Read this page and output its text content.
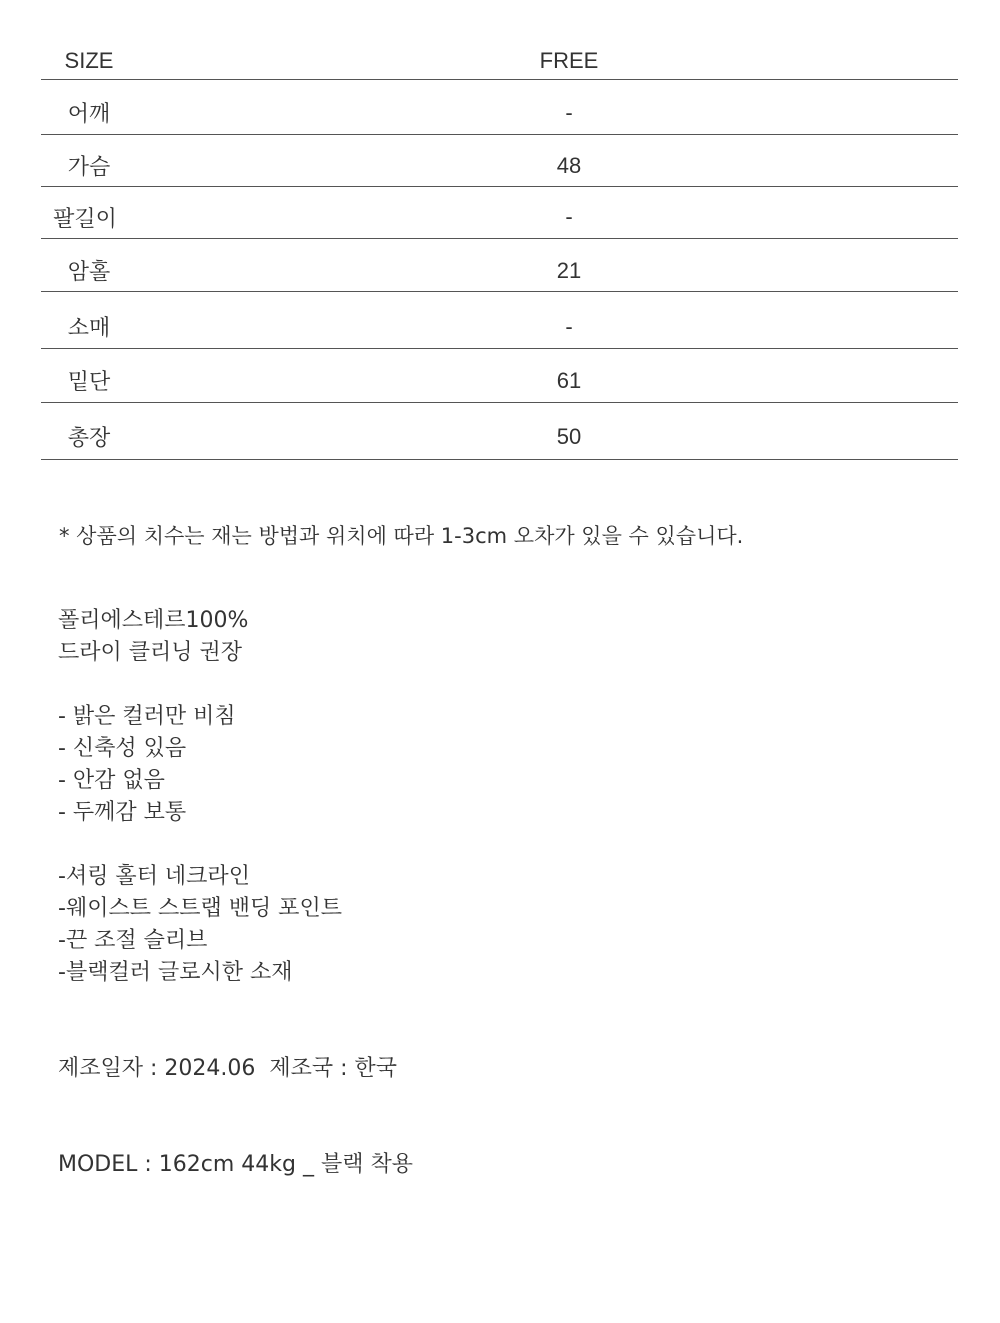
SIZE	FREE
어깨	-
가슴	48
팔길이	-
암홀	21
소매	-
밑단	61
총장	50
* 상품의 치수는 재는 방법과 위치에 따라 1-3cm 오차가 있을 수 있습니다.
폴리에스테르100%
드라이 클리닝 권장
- 밝은 컬러만 비침
- 신축성 있음
- 안감 없음
- 두께감 보통
-셔링 홀터 네크라인
-웨이스트 스트랩 밴딩 포인트
-끈 조절 슬리브
-블랙컬러 글로시한 소재
제조일자 : 2024.06  제조국 : 한국
MODEL : 162cm 44kg _ 블랙 착용
